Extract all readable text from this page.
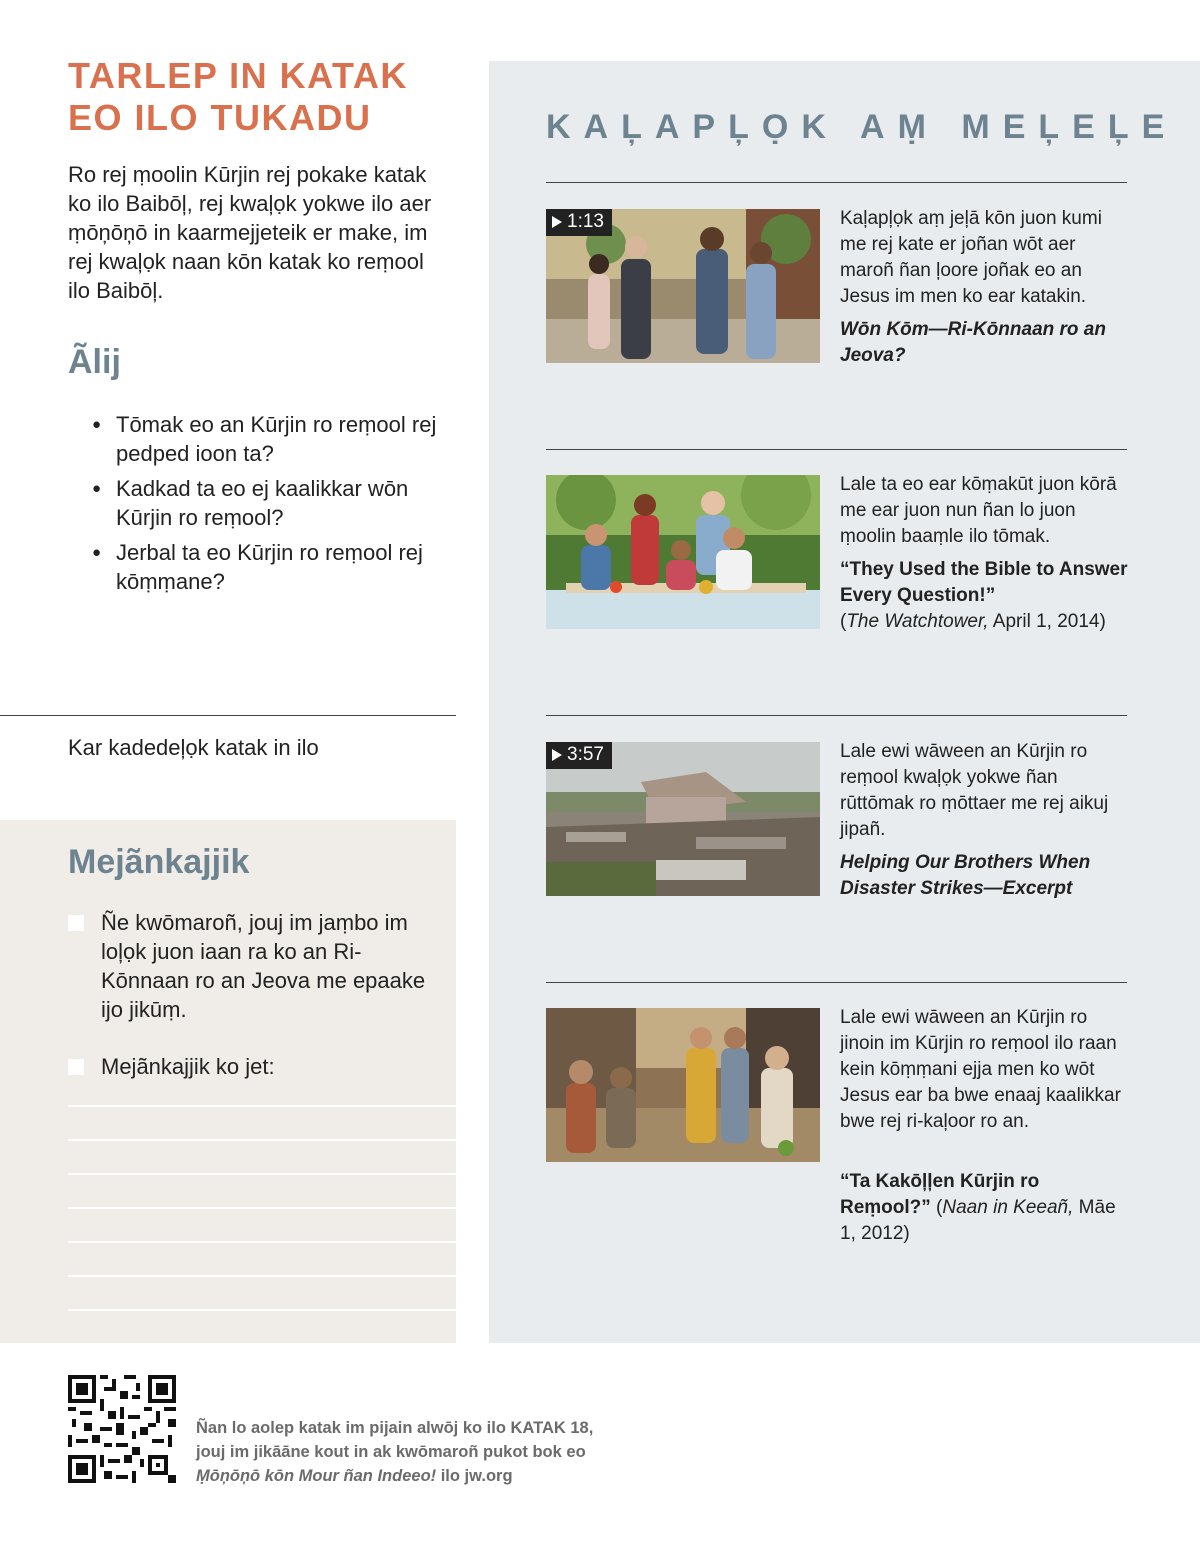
TARLEP IN KATAK
EO ILO TUKADU

Ro rej ṃoolin Kūrjin rej pokake katak ko ilo Baibōļ, rej kwaļọk yokwe ilo aer ṃōņōņō in kaarmejjeteik er make, im rej kwaļọk naan kōn katak ko reṃool ilo Baibōļ.

Ãlij
● Tōmak eo an Kūrjin ro reṃool rej pedped ioon ta?
● Kadkad ta eo ej kaalikkar wōn Kūrjin ro reṃool?
● Jerbal ta eo Kūrjin ro reṃool rej kōṃṃane?
Kar kadedeļọk katak in ilo
Mejãnkajjik
Ñe kwōmaroñ, jouj im jaṃbo im loļọk juon iaan ra ko an Ri-Kōnnaan ro an Jeova me epaake ijo jikūṃ.
Mejãnkajjik ko jet:
KAĻAPĻỌK AṂ MEĻEĻE
1:13	Kaļapļọk aṃ jeļā kōn juon kumi me rej kate er joñan wōt aer maroñ ñan ļoore joñak eo an Jesus im men ko ear katakin.

Wōn Kōm—Ri-Kōnnaan ro an Jeova?

Lale ta eo ear kōṃakūt juon kōrā me ear juon nun ñan lo juon ṃoolin baaṃle ilo tōmak.

“They Used the Bible to Answer Every Question!”
(The Watchtower, April 1, 2014)

3:57	Lale ewi wāween an Kūrjin ro reṃool kwaļọk yokwe ñan rūttōmak ro ṃōttaer me rej aikuj jipañ.

Helping Our Brothers When Disaster Strikes—Excerpt

Lale ewi wāween an Kūrjin ro jinoin im Kūrjin ro reṃool ilo raan kein kōṃṃani ejja men ko wōt Jesus ear ba bwe enaaj kaalikkar bwe rej ri-kaļoor ro an.

“Ta Kakōļļen Kūrjin ro Reṃool?” (Naan in Keeañ, Māe 1, 2012)

Ñan lo aolep katak im pijain alwōj ko ilo KATAK 18,
jouj im jikāāne kout in ak kwōmaroñ pukot bok eo
Ṃōņōņō kōn Mour ñan Indeeo! ilo jw.org
